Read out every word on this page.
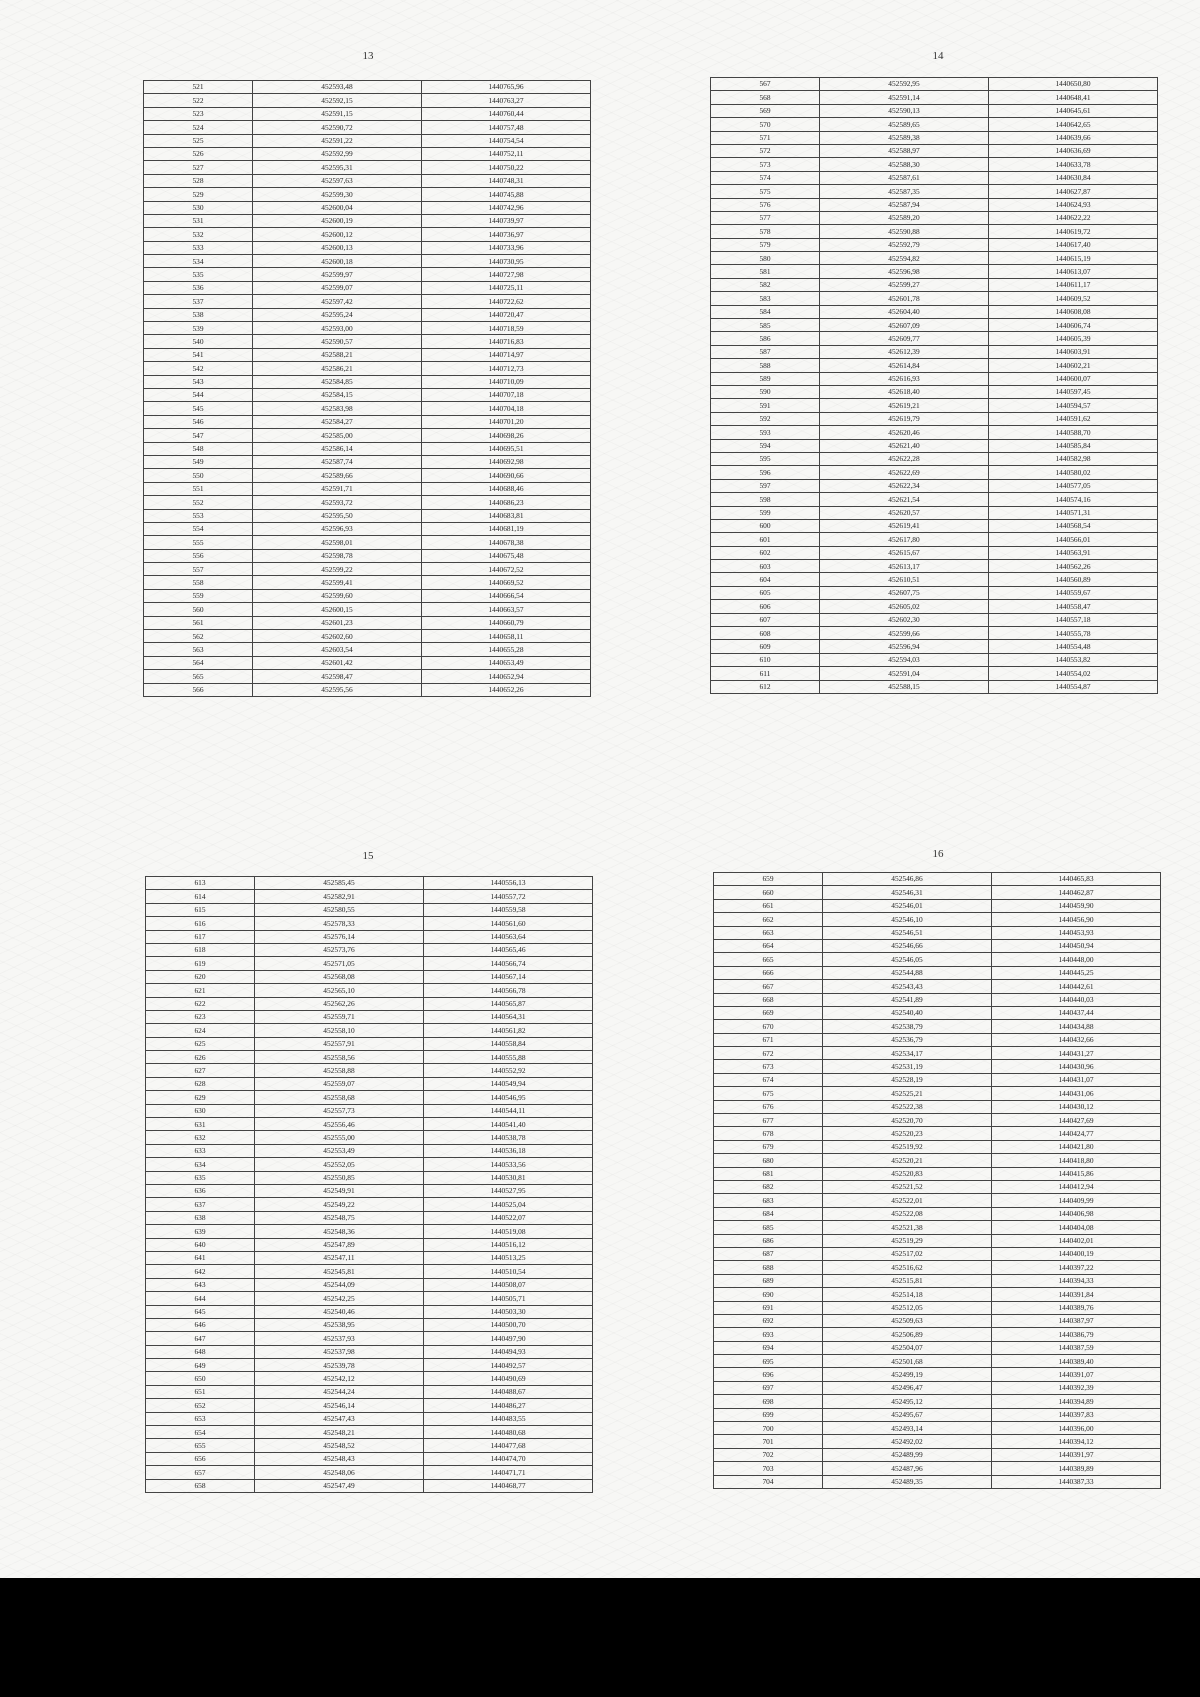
13
521	452593,48	1440765,96
522	452592,15	1440763,27
523	452591,15	1440760,44
524	452590,72	1440757,48
525	452591,22	1440754,54
526	452592,99	1440752,11
527	452595,31	1440750,22
528	452597,63	1440748,31
529	452599,30	1440745,88
530	452600,04	1440742,96
531	452600,19	1440739,97
532	452600,12	1440736,97
533	452600,13	1440733,96
534	452600,18	1440730,95
535	452599,97	1440727,98
536	452599,07	1440725,11
537	452597,42	1440722,62
538	452595,24	1440720,47
539	452593,00	1440718,59
540	452590,57	1440716,83
541	452588,21	1440714,97
542	452586,21	1440712,73
543	452584,85	1440710,09
544	452584,15	1440707,18
545	452583,98	1440704,18
546	452584,27	1440701,20
547	452585,00	1440698,26
548	452586,14	1440695,51
549	452587,74	1440692,98
550	452589,66	1440690,66
551	452591,71	1440688,46
552	452593,72	1440686,23
553	452595,50	1440683,81
554	452596,93	1440681,19
555	452598,01	1440678,38
556	452598,78	1440675,48
557	452599,22	1440672,52
558	452599,41	1440669,52
559	452599,60	1440666,54
560	452600,15	1440663,57
561	452601,23	1440660,79
562	452602,60	1440658,11
563	452603,54	1440655,28
564	452601,42	1440653,49
565	452598,47	1440652,94
566	452595,56	1440652,26
14
567	452592,95	1440650,80
568	452591,14	1440648,41
569	452590,13	1440645,61
570	452589,65	1440642,65
571	452589,38	1440639,66
572	452588,97	1440636,69
573	452588,30	1440633,78
574	452587,61	1440630,84
575	452587,35	1440627,87
576	452587,94	1440624,93
577	452589,20	1440622,22
578	452590,88	1440619,72
579	452592,79	1440617,40
580	452594,82	1440615,19
581	452596,98	1440613,07
582	452599,27	1440611,17
583	452601,78	1440609,52
584	452604,40	1440608,08
585	452607,09	1440606,74
586	452609,77	1440605,39
587	452612,39	1440603,91
588	452614,84	1440602,21
589	452616,93	1440600,07
590	452618,40	1440597,45
591	452619,21	1440594,57
592	452619,79	1440591,62
593	452620,46	1440588,70
594	452621,40	1440585,84
595	452622,28	1440582,98
596	452622,69	1440580,02
597	452622,34	1440577,05
598	452621,54	1440574,16
599	452620,57	1440571,31
600	452619,41	1440568,54
601	452617,80	1440566,01
602	452615,67	1440563,91
603	452613,17	1440562,26
604	452610,51	1440560,89
605	452607,75	1440559,67
606	452605,02	1440558,47
607	452602,30	1440557,18
608	452599,66	1440555,78
609	452596,94	1440554,48
610	452594,03	1440553,82
611	452591,04	1440554,02
612	452588,15	1440554,87
15
613	452585,45	1440556,13
614	452582,91	1440557,72
615	452580,55	1440559,58
616	452578,33	1440561,60
617	452576,14	1440563,64
618	452573,76	1440565,46
619	452571,05	1440566,74
620	452568,08	1440567,14
621	452565,10	1440566,78
622	452562,26	1440565,87
623	452559,71	1440564,31
624	452558,10	1440561,82
625	452557,91	1440558,84
626	452558,56	1440555,88
627	452558,88	1440552,92
628	452559,07	1440549,94
629	452558,68	1440546,95
630	452557,73	1440544,11
631	452556,46	1440541,40
632	452555,00	1440538,78
633	452553,49	1440536,18
634	452552,05	1440533,56
635	452550,85	1440530,81
636	452549,91	1440527,95
637	452549,22	1440525,04
638	452548,75	1440522,07
639	452548,36	1440519,08
640	452547,89	1440516,12
641	452547,11	1440513,25
642	452545,81	1440510,54
643	452544,09	1440508,07
644	452542,25	1440505,71
645	452540,46	1440503,30
646	452538,95	1440500,70
647	452537,93	1440497,90
648	452537,98	1440494,93
649	452539,78	1440492,57
650	452542,12	1440490,69
651	452544,24	1440488,67
652	452546,14	1440486,27
653	452547,43	1440483,55
654	452548,21	1440480,68
655	452548,52	1440477,68
656	452548,43	1440474,70
657	452548,06	1440471,71
658	452547,49	1440468,77
16
659	452546,86	1440465,83
660	452546,31	1440462,87
661	452546,01	1440459,90
662	452546,10	1440456,90
663	452546,51	1440453,93
664	452546,66	1440450,94
665	452546,05	1440448,00
666	452544,88	1440445,25
667	452543,43	1440442,61
668	452541,89	1440440,03
669	452540,40	1440437,44
670	452538,79	1440434,88
671	452536,79	1440432,66
672	452534,17	1440431,27
673	452531,19	1440430,96
674	452528,19	1440431,07
675	452525,21	1440431,06
676	452522,38	1440430,12
677	452520,70	1440427,69
678	452520,23	1440424,77
679	452519,92	1440421,80
680	452520,21	1440418,80
681	452520,83	1440415,86
682	452521,52	1440412,94
683	452522,01	1440409,99
684	452522,08	1440406,98
685	452521,38	1440404,08
686	452519,29	1440402,01
687	452517,02	1440400,19
688	452516,62	1440397,22
689	452515,81	1440394,33
690	452514,18	1440391,84
691	452512,05	1440389,76
692	452509,63	1440387,97
693	452506,89	1440386,79
694	452504,07	1440387,59
695	452501,68	1440389,40
696	452499,19	1440391,07
697	452496,47	1440392,39
698	452495,12	1440394,89
699	452495,67	1440397,83
700	452493,14	1440396,00
701	452492,02	1440394,12
702	452489,99	1440391,97
703	452487,96	1440389,89
704	452489,35	1440387,33
